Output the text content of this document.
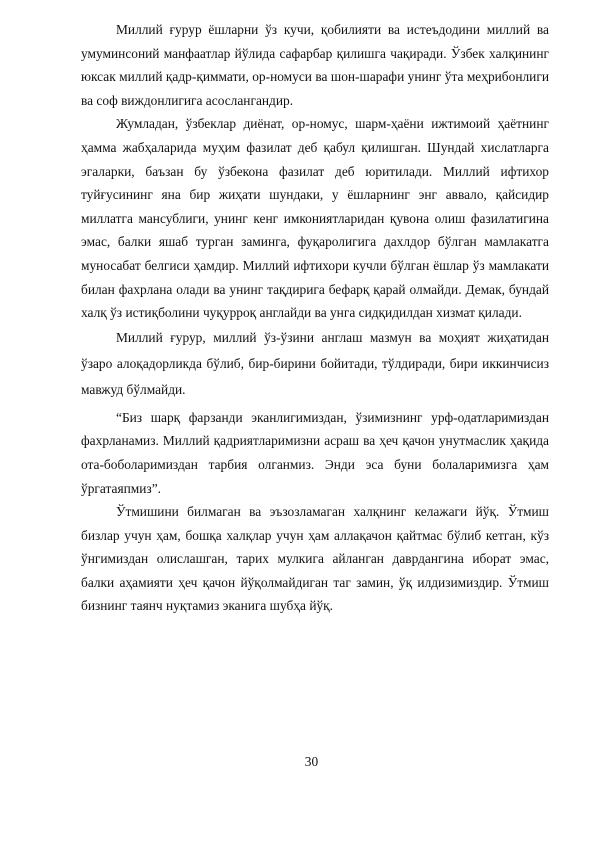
Миллий ғурур ёшларни ўз кучи, қобилияти ва истеъдодини миллий ва умуминсоний манфаатлар йўлида сафарбар қилишга чақиради. Ўзбек халқининг юксак миллий қадр-қиммати, ор-номуси ва шон-шарафи унинг ўта меҳрибонлиги ва соф виждонлигига асослангандир.

Жумладан, ўзбеклар диёнат, ор-номус, шарм-ҳаёни ижтимоий ҳаётнинг ҳамма жабҳаларида муҳим фазилат деб қабул қилишган. Шундай хислатларга эгаларки, баъзан бу ўзбекона фазилат деб юритилади. Миллий ифтихор туйғусининг яна бир жиҳати шундаки, у ёшларнинг энг аввало, қайсидир миллатга мансублиги, унинг кенг имкониятларидан қувона олиш фазилатигина эмас, балки яшаб турган заминга, фуқаролигига дахлдор бўлган мамлакатга муносабат белгиси ҳамдир. Миллий ифтихори кучли бўлган ёшлар ўз мамлакати билан фахрлана олади ва унинг тақдирига бефарқ қарай олмайди. Демак, бундай халқ ўз истиқболини чуқурроқ англайди ва унга сидқидилдан хизмат қилади.

Миллий ғурур, миллий ўз-ўзини англаш мазмун ва моҳият жиҳатидан ўзаро алоқадорликда бўлиб, бир-бирини бойитади, тўлдиради, бири иккинчисиз мавжуд бўлмайди.

“Биз шарқ фарзанди эканлигимиздан, ўзимизнинг урф-одатларимиздан фахрланамиз. Миллий қадриятларимизни асраш ва ҳеч қачон унутмаслик ҳақида ота-боболаримиздан тарбия олганмиз. Энди эса буни болаларимизга ҳам ўргатаяпмиз”.

Ўтмишини билмаган ва эъзозламаган халқнинг келажаги йўқ. Ўтмиш бизлар учун ҳам, бошқа халқлар учун ҳам аллақачон қайтмас бўлиб кетган, кўз ўнгимиздан олислашган, тарих мулкига айланган даврдангина иборат эмас, балки аҳамияти ҳеч қачон йўқолмайдиган таг замин, ўқ илдизимиздир. Ўтмиш бизнинг таянч нуқтамиз эканига шубҳа йўқ.

30
